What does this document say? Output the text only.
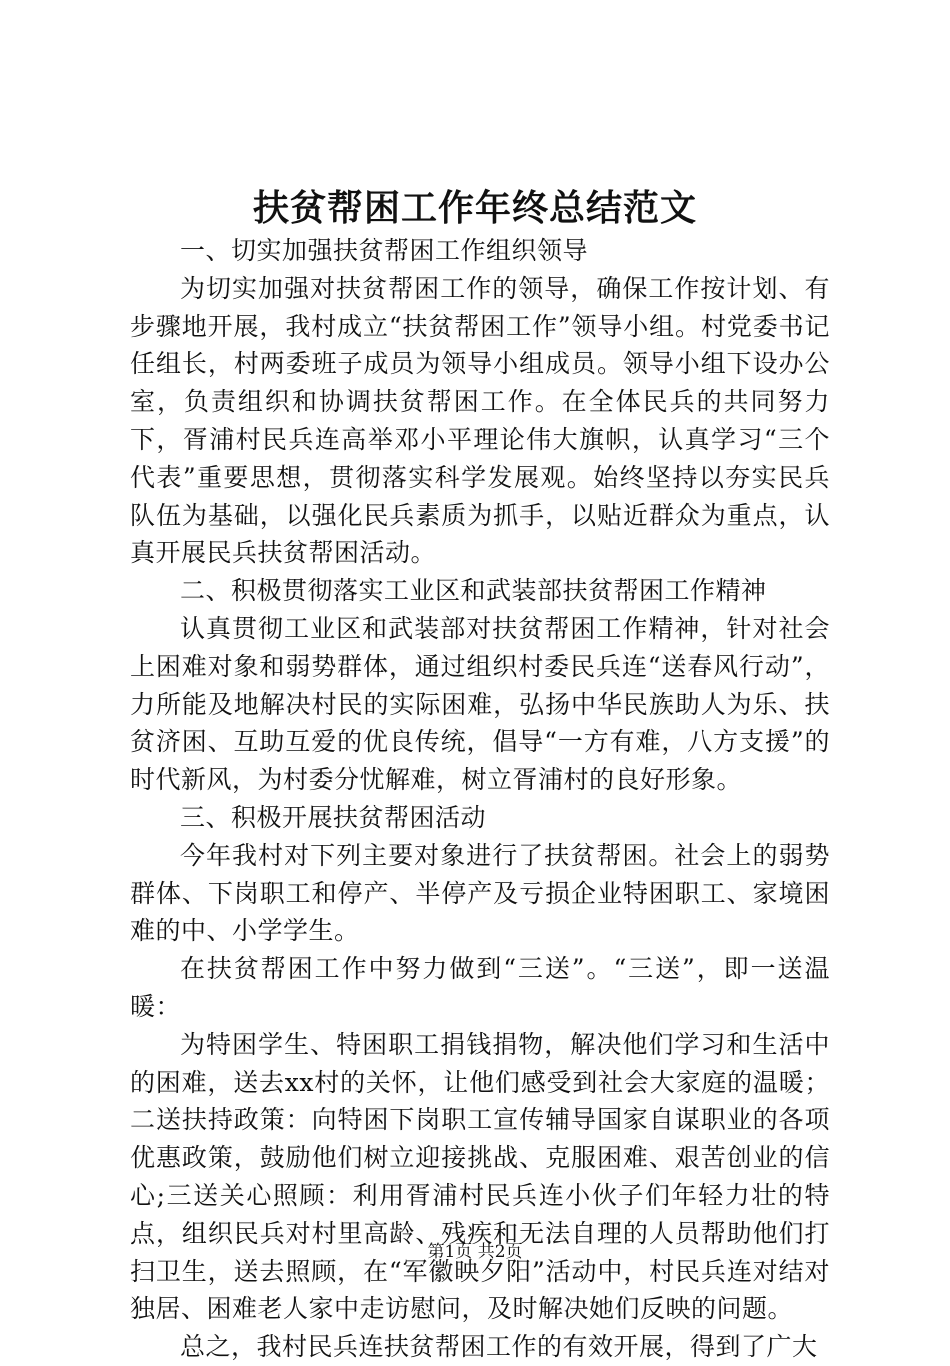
扶贫帮困工作年终总结范文

一、切实加强扶贫帮困工作组织领导

为切实加强对扶贫帮困工作的领导，确保工作按计划、有步骤地开展，我村成立“扶贫帮困工作”领导小组。村党委书记任组长，村两委班子成员为领导小组成员。领导小组下设办公室，负责组织和协调扶贫帮困工作。在全体民兵的共同努力下，胥浦村民兵连高举邓小平理论伟大旗帜，认真学习“三个代表”重要思想，贯彻落实科学发展观。始终坚持以夯实民兵队伍为基础，以强化民兵素质为抓手，以贴近群众为重点，认真开展民兵扶贫帮困活动。

二、积极贯彻落实工业区和武装部扶贫帮困工作精神

认真贯彻工业区和武装部对扶贫帮困工作精神，针对社会上困难对象和弱势群体，通过组织村委民兵连“送春风行动”，力所能及地解决村民的实际困难，弘扬中华民族助人为乐、扶贫济困、互助互爱的优良传统，倡导“一方有难，八方支援”的时代新风，为村委分忧解难，树立胥浦村的良好形象。

三、积极开展扶贫帮困活动

今年我村对下列主要对象进行了扶贫帮困。社会上的弱势群体、下岗职工和停产、半停产及亏损企业特困职工、家境困难的中、小学学生。

在扶贫帮困工作中努力做到“三送”。“三送”，即一送温暖：

为特困学生、特困职工捐钱捐物，解决他们学习和生活中的困难，送去xx村的关怀，让他们感受到社会大家庭的温暖；二送扶持政策：向特困下岗职工宣传辅导国家自谋职业的各项优惠政策，鼓励他们树立迎接挑战、克服困难、艰苦创业的信心;三送关心照顾：利用胥浦村民兵连小伙子们年轻力壮的特点，组织民兵对村里高龄、残疾和无法自理的人员帮助他们打扫卫生，送去照顾，在“军徽映夕阳”活动中，村民兵连对结对独居、困难老人家中走访慰问，及时解决她们反映的问题。

总之，我村民兵连扶贫帮困工作的有效开展，得到了广大

第1页 共2页
